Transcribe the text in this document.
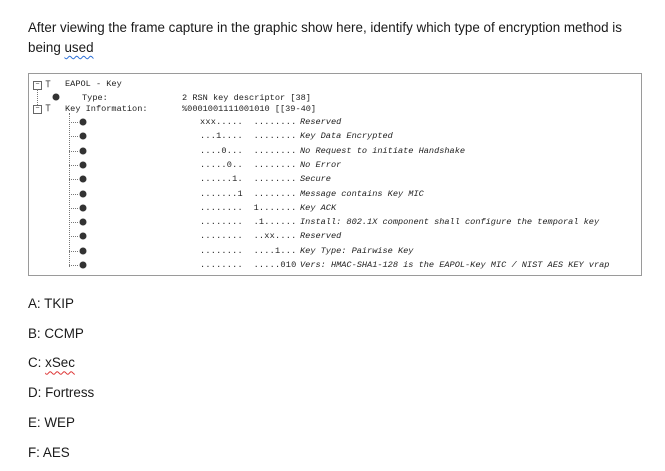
After viewing the frame capture in the graphic show here, identify which type of encryption method is
being used
−	EAPOL - Key
Type:	2 RSN key descriptor [38]
−	Key Information:	%0001001111001010 [[39-40]
xxx.....  ........ Reserved
...1....  ........ Key Data Encrypted
....0...  ........ No Request to initiate Handshake
.....0..  ........ No Error
......1.  ........ Secure
.......1  ........ Message contains Key MIC
........  1....... Key ACK
........  .1...... Install: 802.1X component shall configure the temporal key
........  ..xx.... Reserved
........  ....1... Key Type: Pairwise Key
........  .....010 Vers: HMAC-SHA1-128 is the EAPOL-Key MIC / NIST AES KEY vrap
A: TKIP
B: CCMP
C: xSec
D: Fortress
E: WEP
F: AES
